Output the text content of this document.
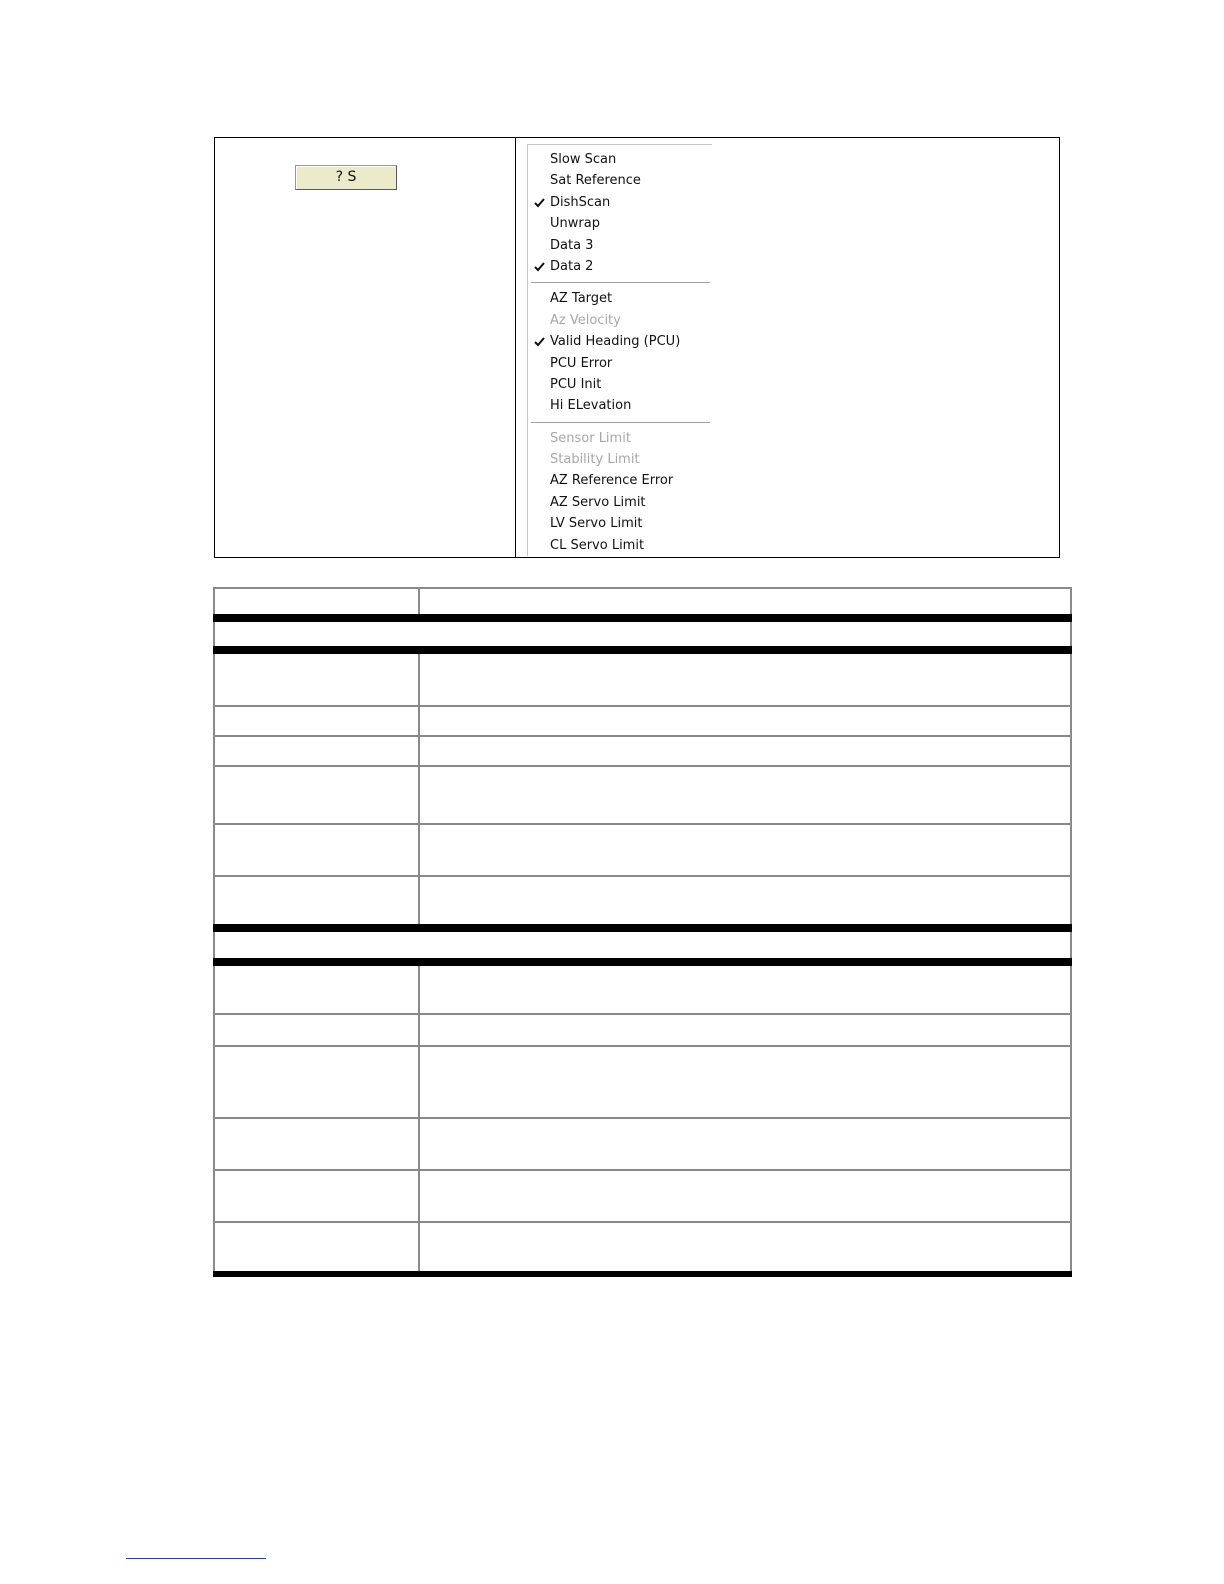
? S
Slow Scan
Sat Reference
DishScan
Unwrap
Data 3
Data 2
AZ Target
Az Velocity
Valid Heading (PCU)
PCU Error
PCU Init
Hi ELevation
Sensor Limit
Stability Limit
AZ Reference Error
AZ Servo Limit
LV Servo Limit
CL Servo Limit
